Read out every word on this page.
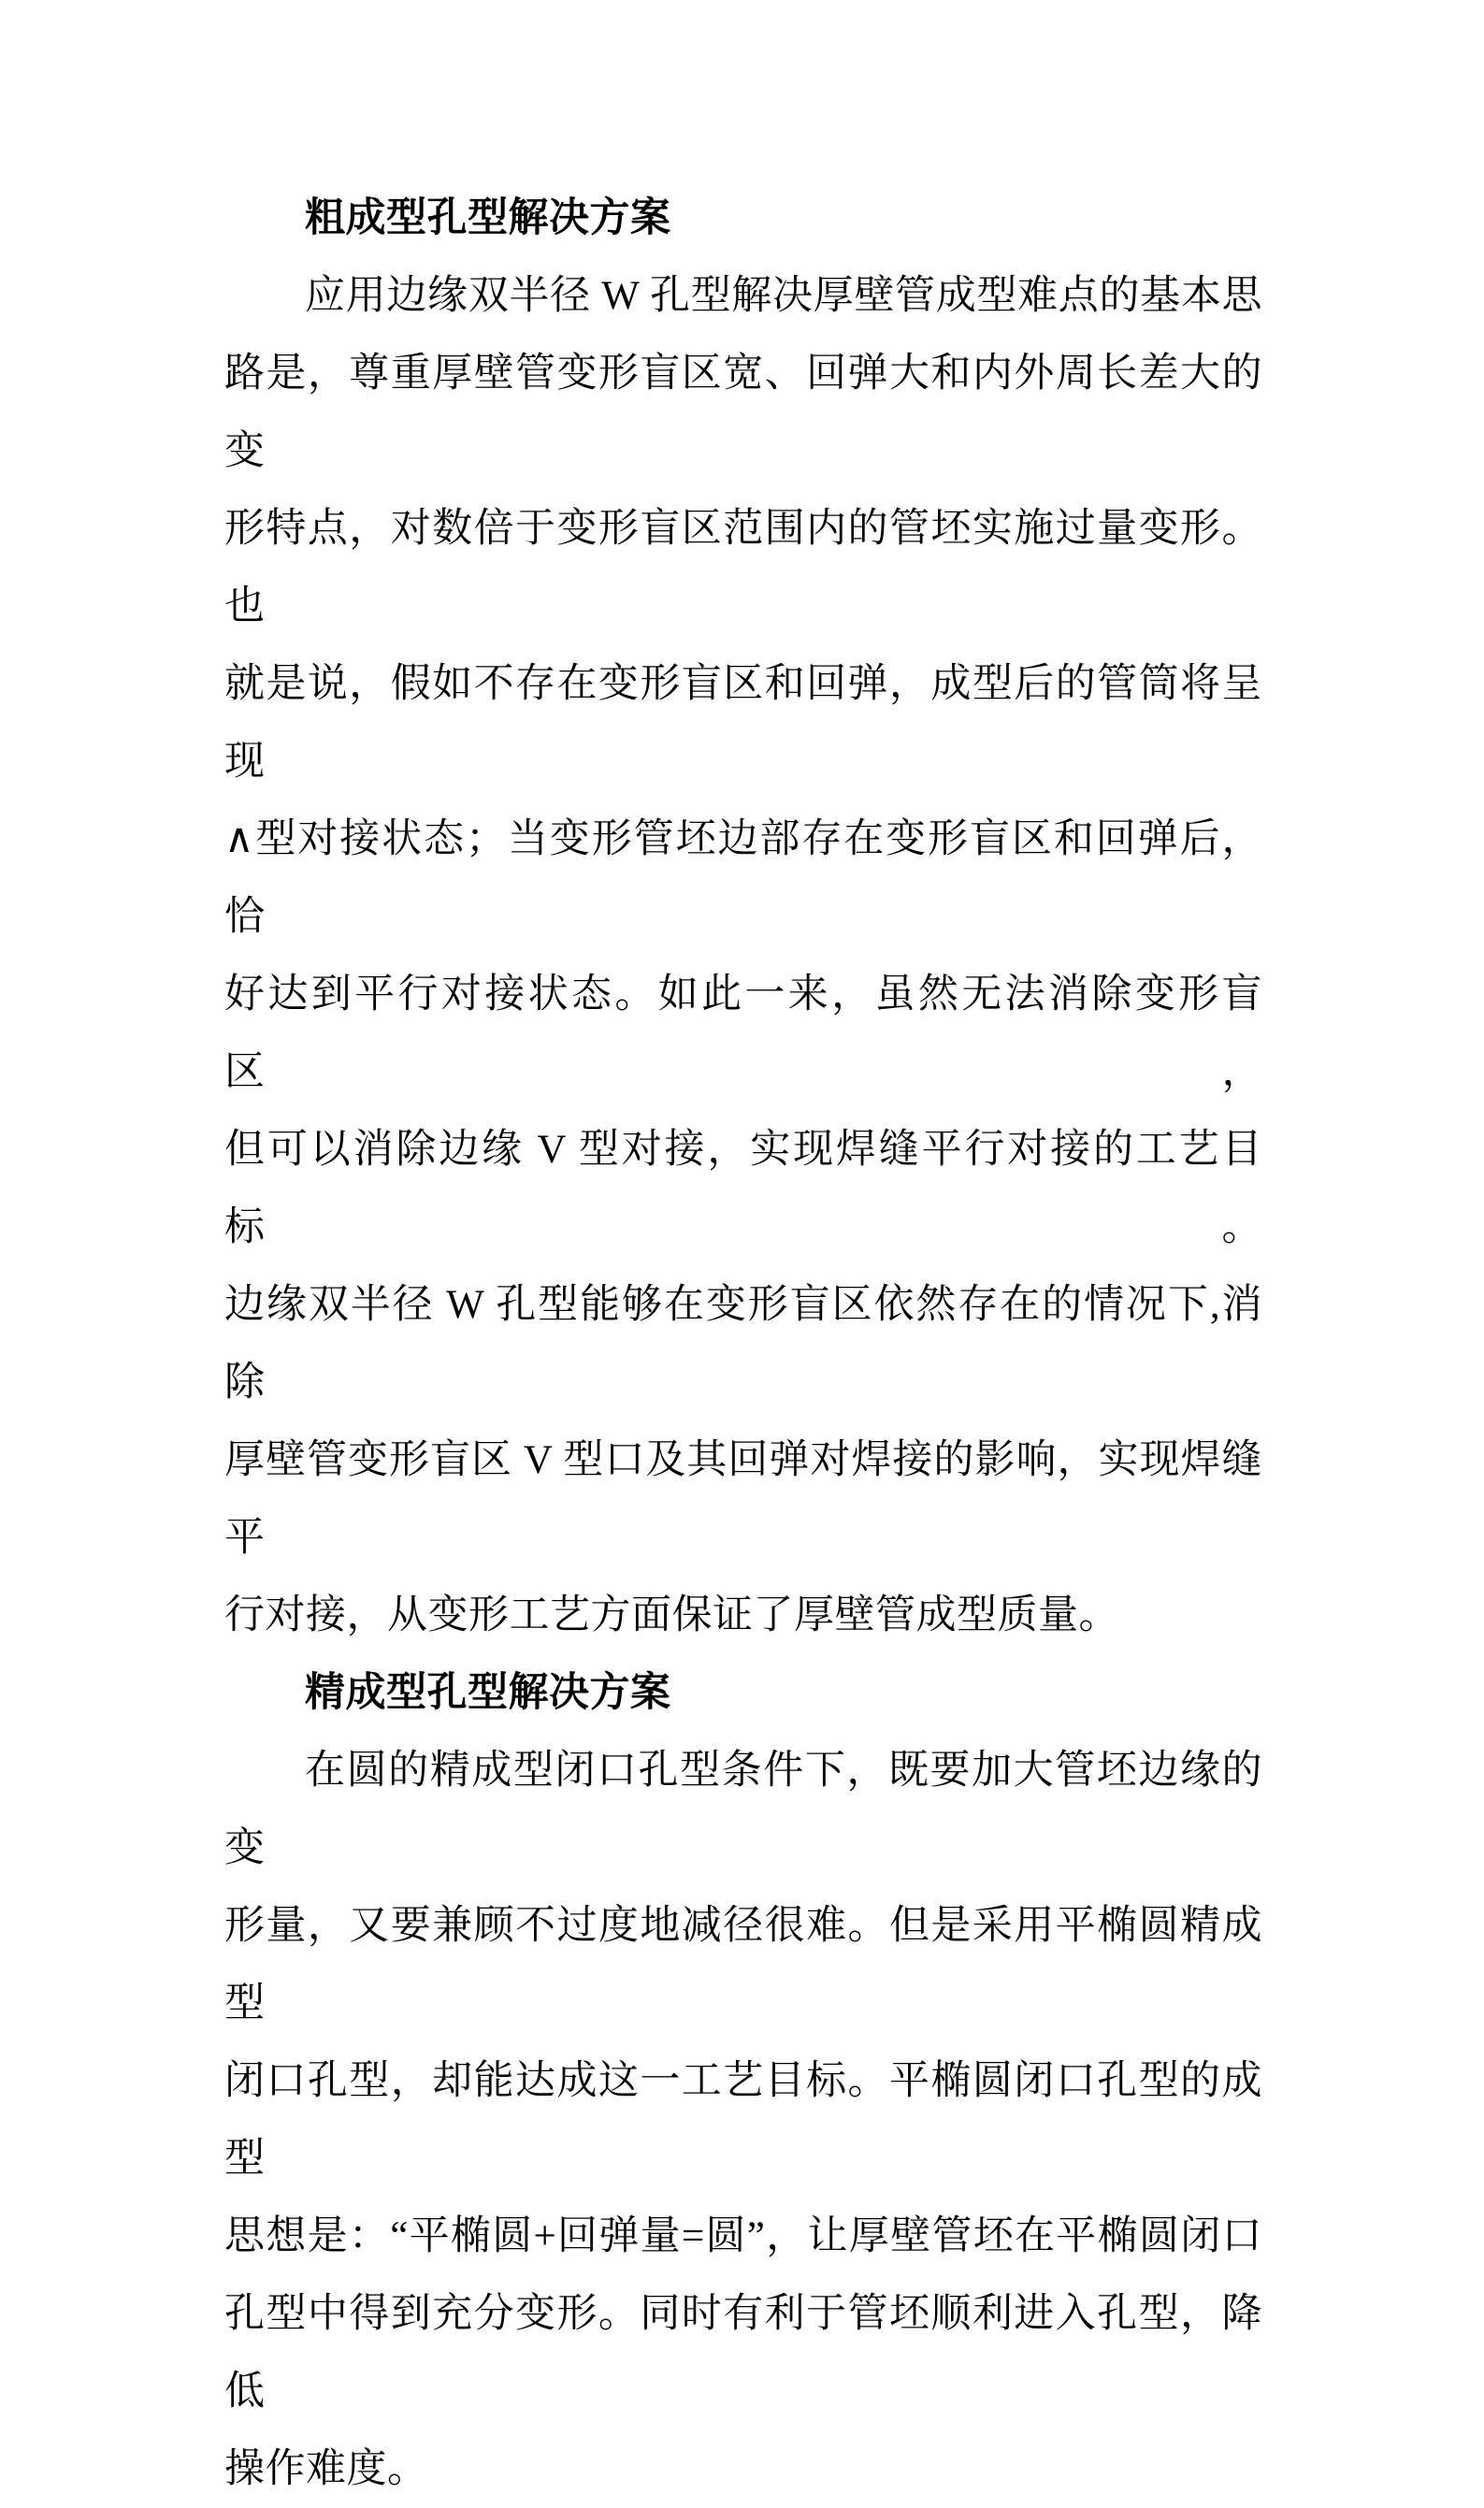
粗成型孔型解决方案
应用边缘双半径 W 孔型解决厚壁管成型难点的基本思
路是，尊重厚壁管变形盲区宽、回弹大和内外周长差大的变
形特点，对数倍于变形盲区范围内的管坯实施过量变形。也
就是说，假如不存在变形盲区和回弹，成型后的管筒将呈现
∧型对接状态；当变形管坯边部存在变形盲区和回弹后，恰
好达到平行对接状态。如此一来，虽然无法消除变形盲区，
但可以消除边缘 V 型对接，实现焊缝平行对接的工艺目标。
边缘双半径 W 孔型能够在变形盲区依然存在的情况下,消除
厚壁管变形盲区 V 型口及其回弹对焊接的影响，实现焊缝平
行对接，从变形工艺方面保证了厚壁管成型质量。
精成型孔型解决方案
在圆的精成型闭口孔型条件下，既要加大管坯边缘的变
形量，又要兼顾不过度地减径很难。但是采用平椭圆精成型
闭口孔型，却能达成这一工艺目标。平椭圆闭口孔型的成型
思想是：“平椭圆+回弹量=圆”，让厚壁管坯在平椭圆闭口
孔型中得到充分变形。同时有利于管坯顺利进入孔型，降低
操作难度。
